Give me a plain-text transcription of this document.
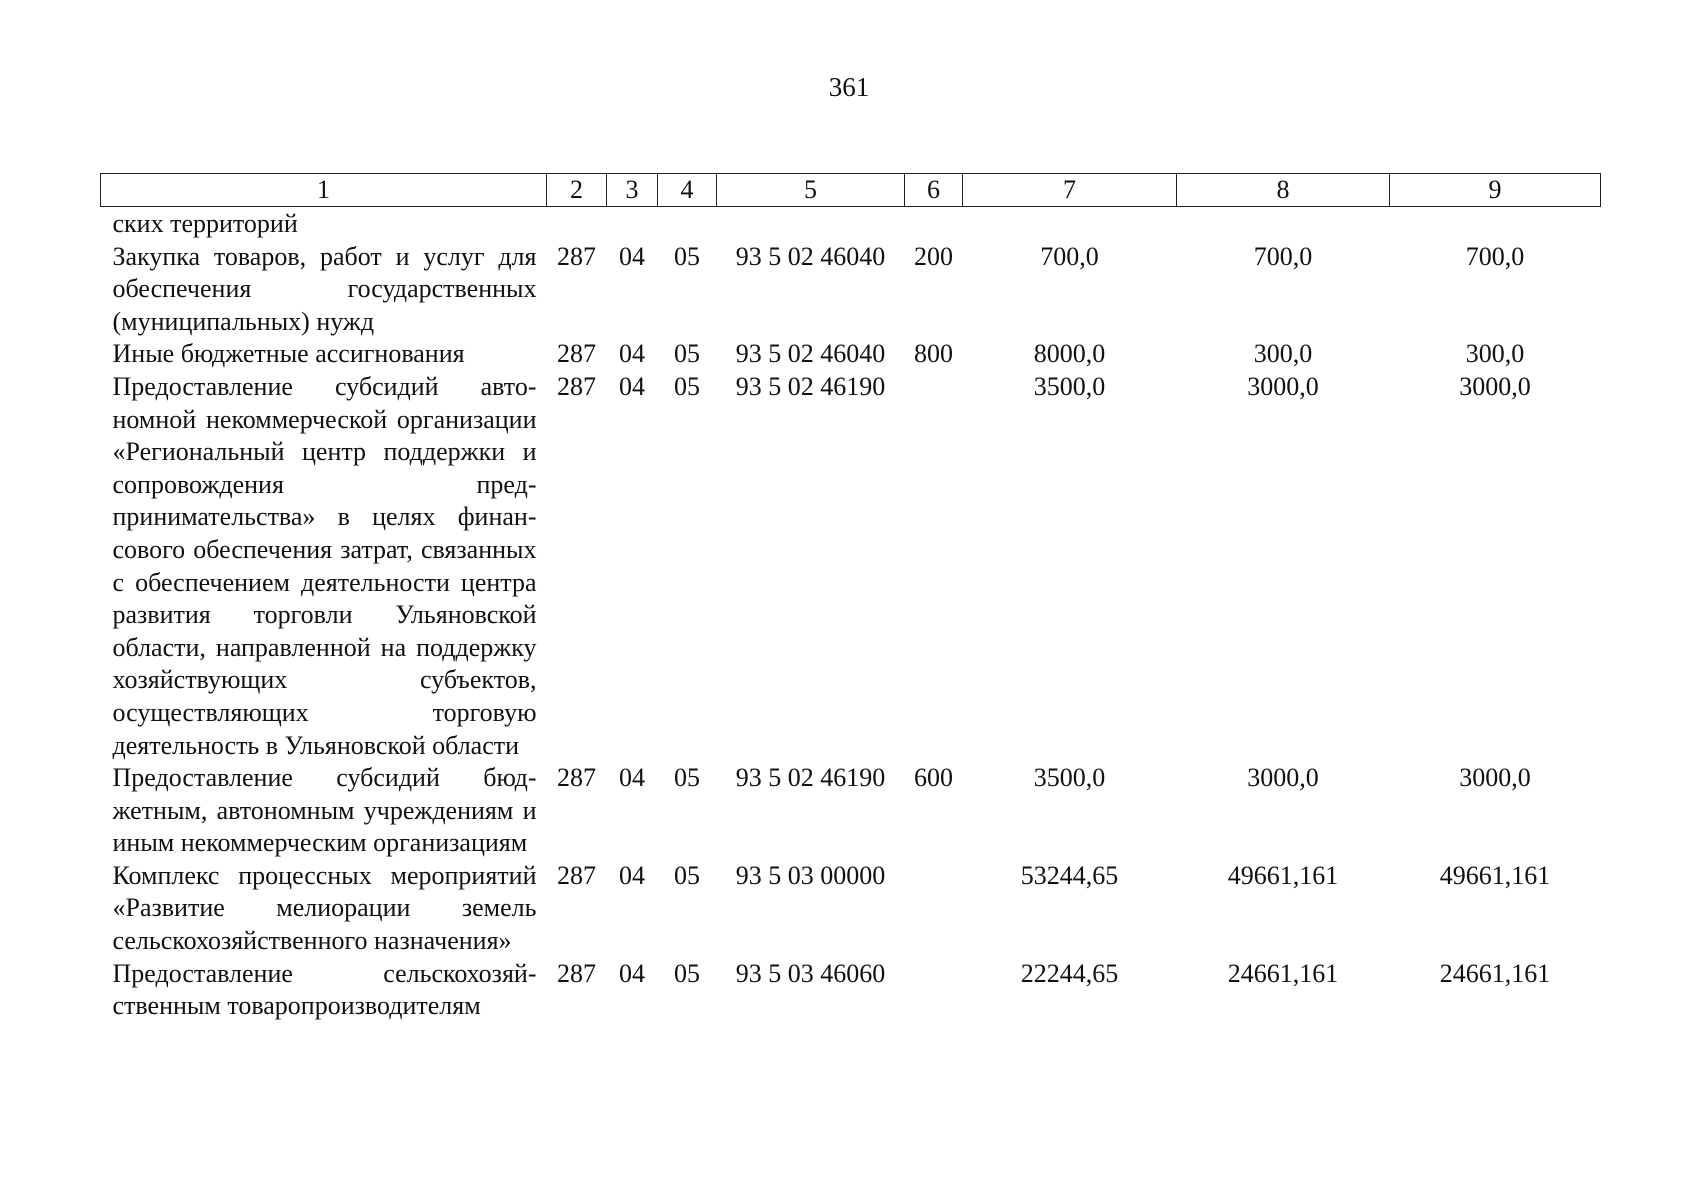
361
1	2	3	4	5	6	7	8	9
ских территорий								
Закупка товаров, работ и услуг для обеспечения государственных (муниципальных) нужд	287	04	05	93 5 02 46040	200	700,0	700,0	700,0
Иные бюджетные ассигнования	287	04	05	93 5 02 46040	800	8000,0	300,0	300,0
Предоставление субсидий автономной некоммерческой организации «Региональный центр поддержки и сопровождения предпринимательства» в целях финансового обеспечения затрат, связанных с обеспечением деятельности центра развития торговли Ульяновской области, направленной на поддержку хозяйствующих субъектов, осуществляющих торговую деятельность в Ульяновской области	287	04	05	93 5 02 46190		3500,0	3000,0	3000,0
Предоставление субсидий бюджетным, автономным учреждениям и иным некоммерческим организациям	287	04	05	93 5 02 46190	600	3500,0	3000,0	3000,0
Комплекс процессных мероприятий «Развитие мелиорации земель сельскохозяйственного назначения»	287	04	05	93 5 03 00000		53244,65	49661,161	49661,161
Предоставление сельскохозяйственным товаропроизводителям	287	04	05	93 5 03 46060		22244,65	24661,161	24661,161
